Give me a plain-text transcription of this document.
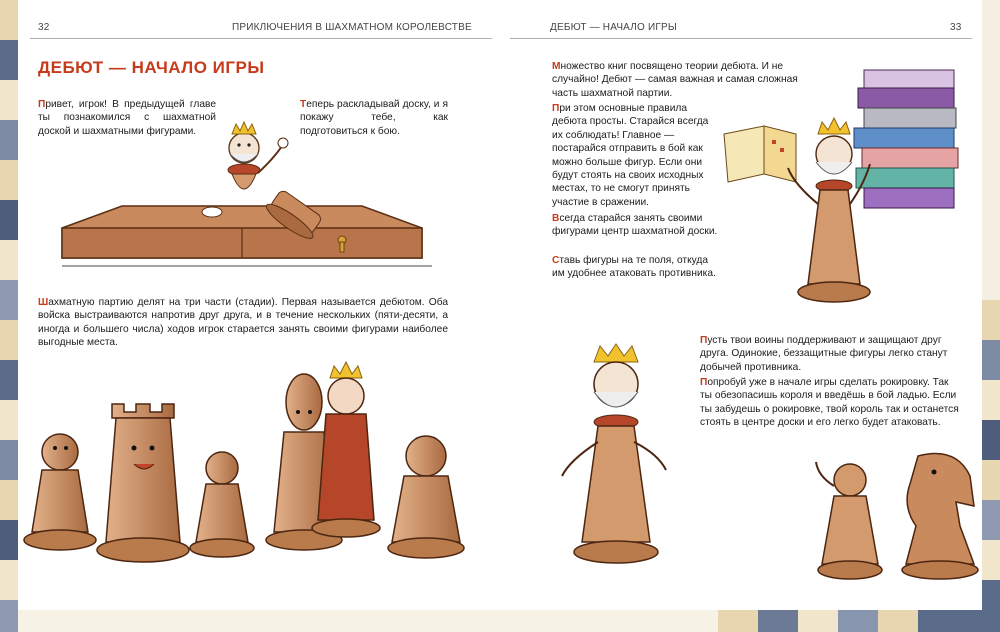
32	ПРИКЛЮЧЕНИЯ В ШАХМАТНОМ КОРОЛЕВСТВЕ	ДЕБЮТ — НАЧАЛО ИГРЫ	33
ДЕБЮТ — НАЧАЛО ИГРЫ
Привет, игрок! В предыдущей главе ты познакомился с шахматной доской и шахматными фигурами.
Теперь раскладывай доску, и я покажу тебе, как подготовиться к бою.
Шахматную партию делят на три части (стадии). Первая называется дебютом. Оба войска выстраиваются напротив друг друга, и в течение нескольких (пяти-десяти, а иногда и большего числа) ходов игрок старается занять своими фигурами наиболее выгодные места.
Множество книг посвящено теории дебюта. И не случайно! Дебют — самая важная и самая сложная часть шахматной партии.
При этом основные правила дебюта просты. Старайся всегда их соблюдать! Главное — постарайся отправить в бой как можно больше фигур. Если они будут стоять на своих исходных местах, то не смогут принять участие в сражении.
Всегда старайся занять своими фигурами центр шахматной доски.
Ставь фигуры на те поля, откуда им удобнее атаковать противника.
Пусть твои воины поддерживают и защищают друг друга. Одинокие, беззащитные фигуры легко станут добычей противника.
Попробуй уже в начале игры сделать рокировку. Так ты обезопасишь короля и введёшь в бой ладью. Если ты забудешь о рокировке, твой король так и останется стоять в центре доски и его легко будет атаковать.
